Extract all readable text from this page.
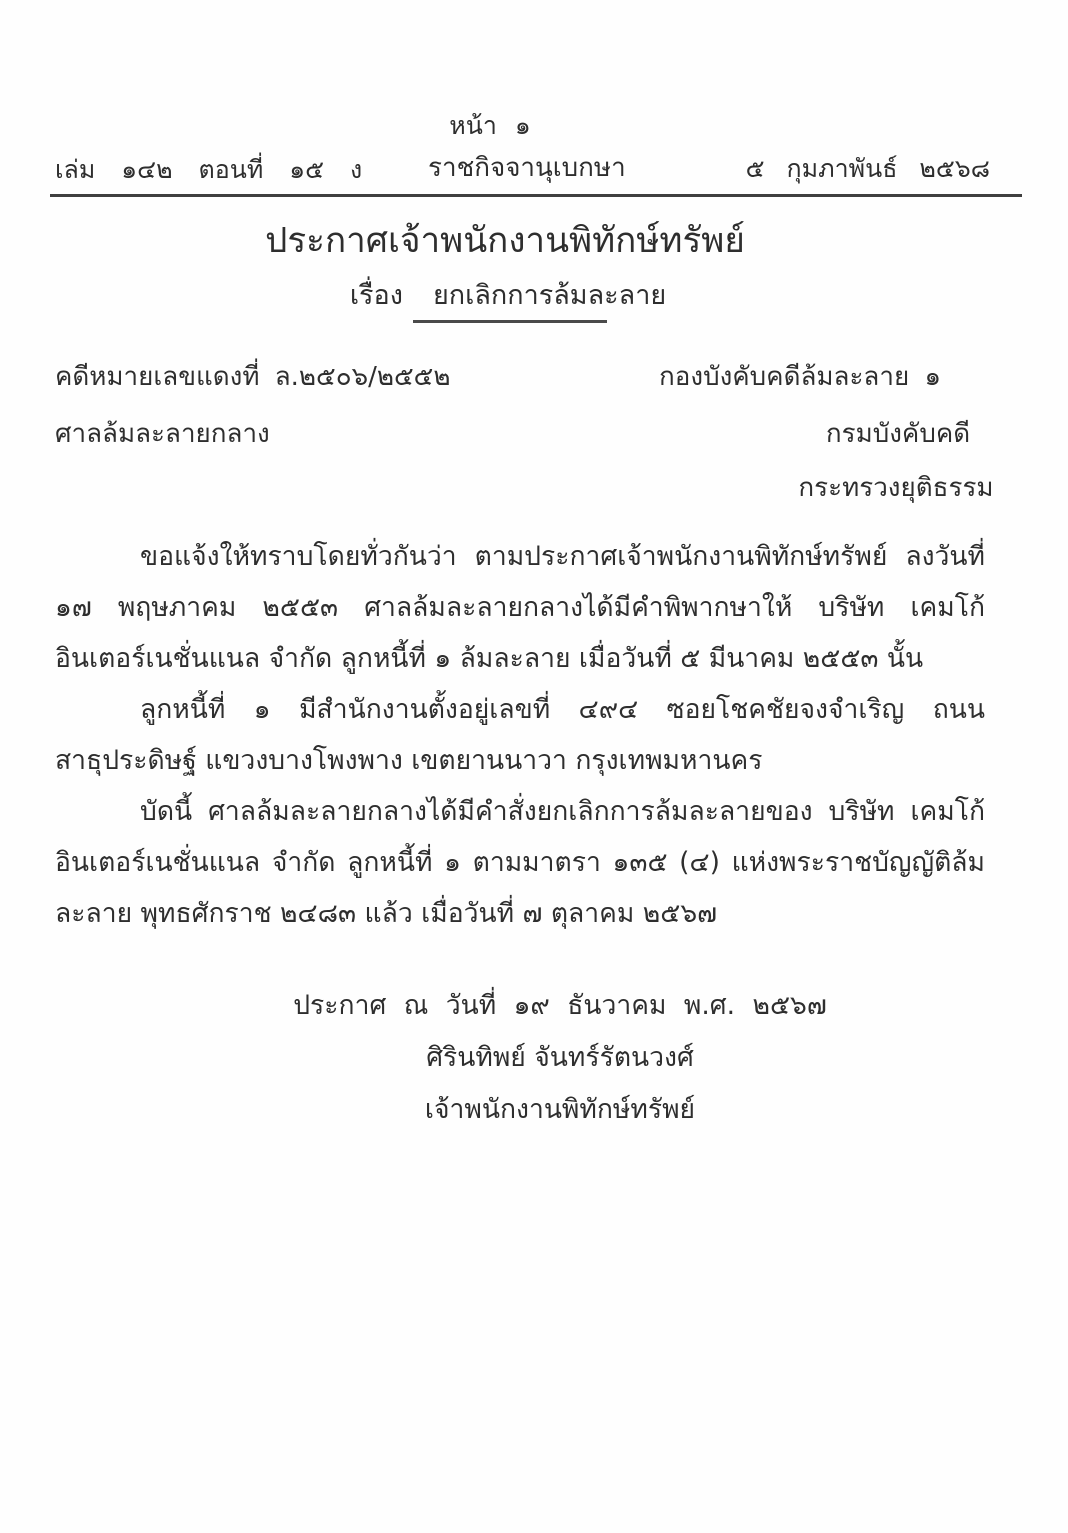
หน้า ๑
เล่ม ๑๔๒ ตอนที่ ๑๕ ง	ราชกิจจานุเบกษา	๕ กุมภาพันธ์ ๒๕๖๘
ประกาศเจ้าพนักงานพิทักษ์ทรัพย์
เรื่อง ยกเลิกการล้มละลาย
คดีหมายเลขแดงที่ ล.๒๕๐๖/๒๕๕๒
ศาลล้มละลายกลาง
กองบังคับคดีล้มละลาย ๑
กรมบังคับคดี
กระทรวงยุติธรรม

ขอแจ้งให้ทราบโดยทั่วกันว่า ตามประกาศเจ้าพนักงานพิทักษ์ทรัพย์ ลงวันที่ ๑๗ พฤษภาคม ๒๕๕๓ ศาลล้มละลายกลางได้มีคำพิพากษาให้ บริษัท เคมโก้ อินเตอร์เนชั่นแนล จำกัด ลูกหนี้ที่ ๑ ล้มละลาย เมื่อวันที่ ๕ มีนาคม ๒๕๕๓ นั้น

ลูกหนี้ที่ ๑ มีสำนักงานตั้งอยู่เลขที่ ๔๙๔ ซอยโชคชัยจงจำเริญ ถนนสาธุประดิษฐ์ แขวงบางโพงพาง เขตยานนาวา กรุงเทพมหานคร

บัดนี้ ศาลล้มละลายกลางได้มีคำสั่งยกเลิกการล้มละลายของ บริษัท เคมโก้ อินเตอร์เนชั่นแนล จำกัด ลูกหนี้ที่ ๑ ตามมาตรา ๑๓๕ (๔) แห่งพระราชบัญญัติล้มละลาย พุทธศักราช ๒๔๘๓ แล้ว เมื่อวันที่ ๗ ตุลาคม ๒๕๖๗

ประกาศ ณ วันที่ ๑๙ ธันวาคม พ.ศ. ๒๕๖๗
ศิรินทิพย์ จันทร์รัตนวงศ์
เจ้าพนักงานพิทักษ์ทรัพย์
